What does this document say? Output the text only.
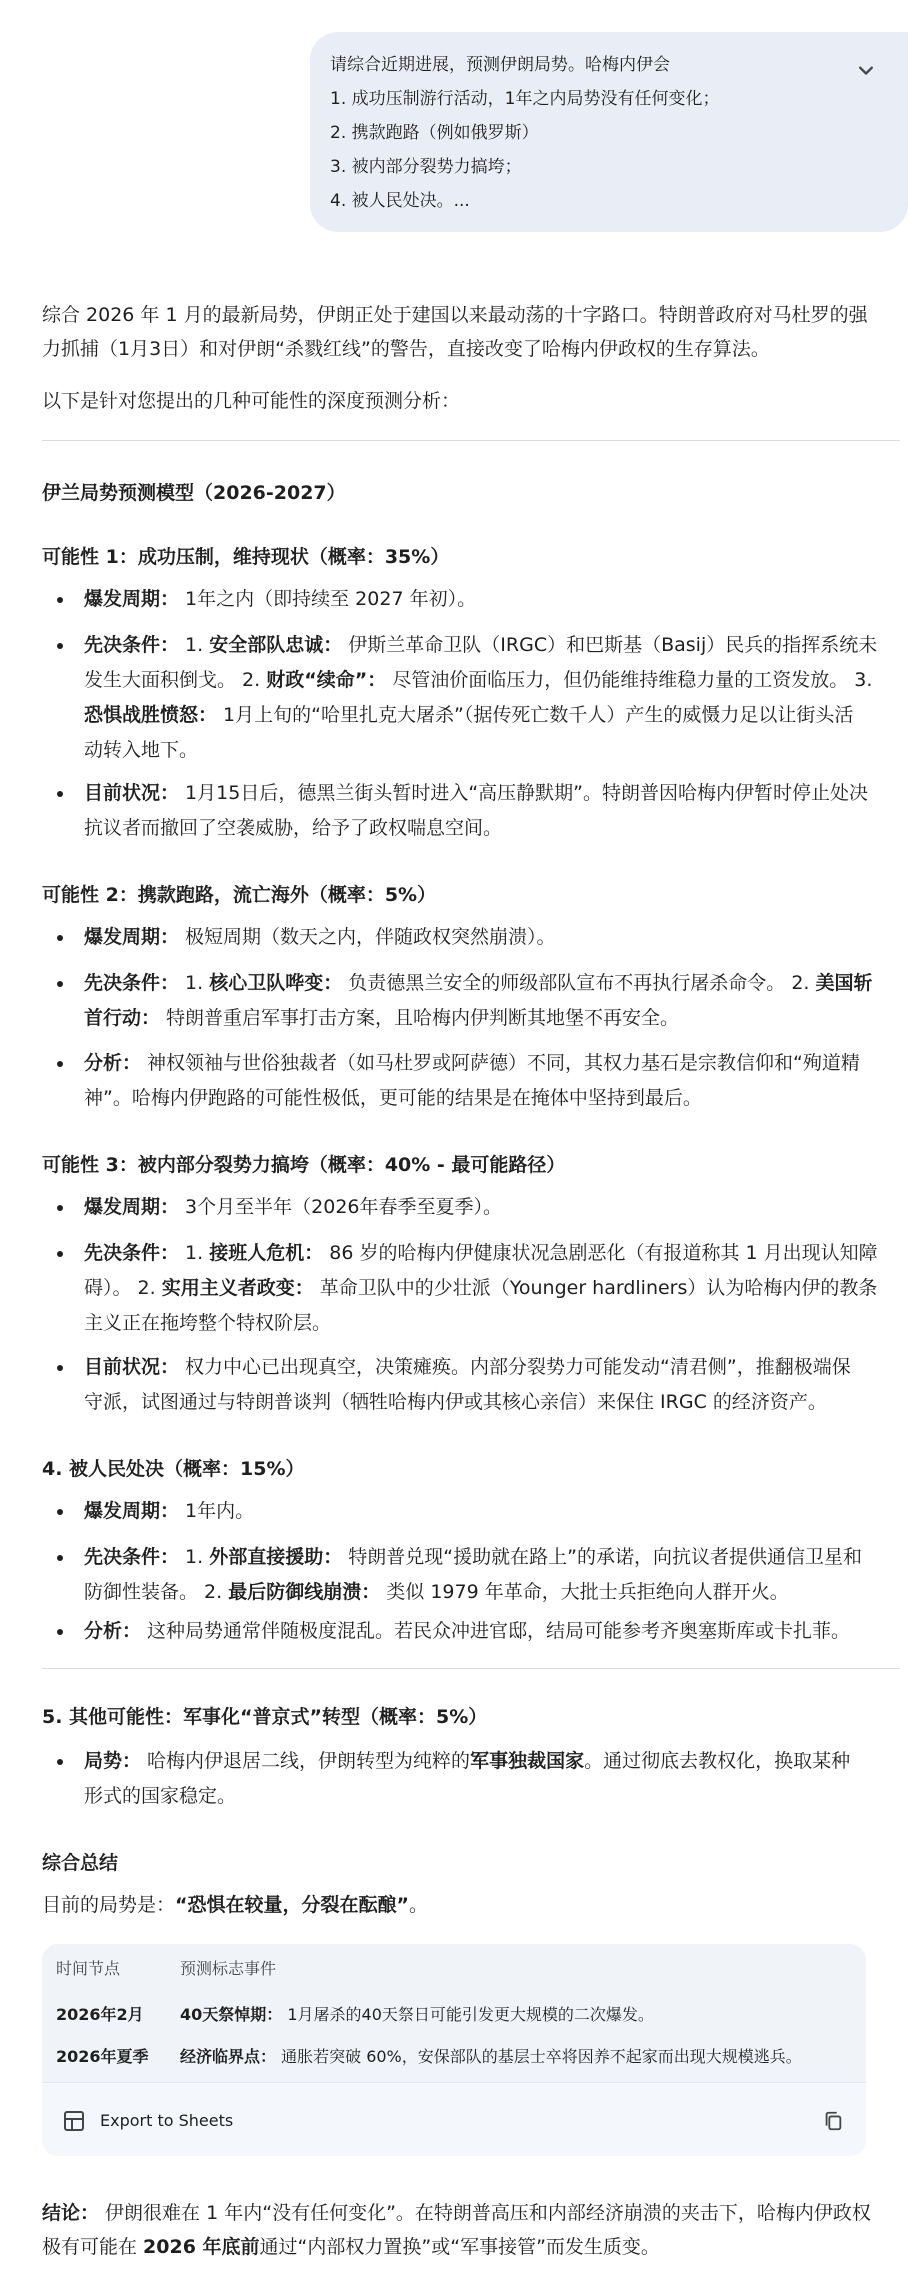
请综合近期进展，预测伊朗局势。哈梅内伊会
1. 成功压制游行活动，1年之内局势没有任何变化；
2. 携款跑路（例如俄罗斯）
3. 被内部分裂势力搞垮；
4. 被人民处决。...
综合 2026 年 1 月的最新局势，伊朗正处于建国以来最动荡的十字路口。特朗普政府对马杜罗的强
力抓捕（1月3日）和对伊朗“杀戮红线”的警告，直接改变了哈梅内伊政权的生存算法。
以下是针对您提出的几种可能性的深度预测分析：
伊兰局势预测模型（2026-2027）
可能性 1：成功压制，维持现状（概率：35%）
爆发周期： 1年之内（即持续至 2027 年初）。
先决条件： 1. 安全部队忠诚： 伊斯兰革命卫队（IRGC）和巴斯基（Basij）民兵的指挥系统未
发生大面积倒戈。 2. 财政“续命”： 尽管油价面临压力，但仍能维持维稳力量的工资发放。 3.
恐惧战胜愤怒： 1月上旬的“哈里扎克大屠杀”（据传死亡数千人）产生的威慑力足以让街头活
动转入地下。
目前状况： 1月15日后，德黑兰街头暂时进入“高压静默期”。特朗普因哈梅内伊暂时停止处决
抗议者而撤回了空袭威胁，给予了政权喘息空间。
可能性 2：携款跑路，流亡海外（概率：5%）
爆发周期： 极短周期（数天之内，伴随政权突然崩溃）。
先决条件： 1. 核心卫队哗变： 负责德黑兰安全的师级部队宣布不再执行屠杀命令。 2. 美国斩
首行动： 特朗普重启军事打击方案，且哈梅内伊判断其地堡不再安全。
分析： 神权领袖与世俗独裁者（如马杜罗或阿萨德）不同，其权力基石是宗教信仰和“殉道精
神”。哈梅内伊跑路的可能性极低，更可能的结果是在掩体中坚持到最后。
可能性 3：被内部分裂势力搞垮（概率：40% - 最可能路径）
爆发周期： 3个月至半年（2026年春季至夏季）。
先决条件： 1. 接班人危机： 86 岁的哈梅内伊健康状况急剧恶化（有报道称其 1 月出现认知障
碍）。 2. 实用主义者政变： 革命卫队中的少壮派（Younger hardliners）认为哈梅内伊的教条
主义正在拖垮整个特权阶层。
目前状况： 权力中心已出现真空，决策瘫痪。内部分裂势力可能发动“清君侧”，推翻极端保
守派，试图通过与特朗普谈判（牺牲哈梅内伊或其核心亲信）来保住 IRGC 的经济资产。
4. 被人民处决（概率：15%）
爆发周期： 1年内。
先决条件： 1. 外部直接援助： 特朗普兑现“援助就在路上”的承诺，向抗议者提供通信卫星和
防御性装备。 2. 最后防御线崩溃： 类似 1979 年革命，大批士兵拒绝向人群开火。
分析： 这种局势通常伴随极度混乱。若民众冲进官邸，结局可能参考齐奥塞斯库或卡扎菲。
5. 其他可能性：军事化“普京式”转型（概率：5%）
局势： 哈梅内伊退居二线，伊朗转型为纯粹的军事独裁国家。通过彻底去教权化，换取某种
形式的国家稳定。
综合总结
目前的局势是：“恐惧在较量，分裂在酝酿”。
时间节点	预测标志事件
2026年2月 40天祭悼期： 1月屠杀的40天祭日可能引发更大规模的二次爆发。
2026年夏季 经济临界点： 通胀若突破 60%，安保部队的基层士卒将因养不起家而出现大规模逃兵。
Export to Sheets
结论： 伊朗很难在 1 年内“没有任何变化”。在特朗普高压和内部经济崩溃的夹击下，哈梅内伊政权
极有可能在 2026 年底前通过“内部权力置换”或“军事接管”而发生质变。
